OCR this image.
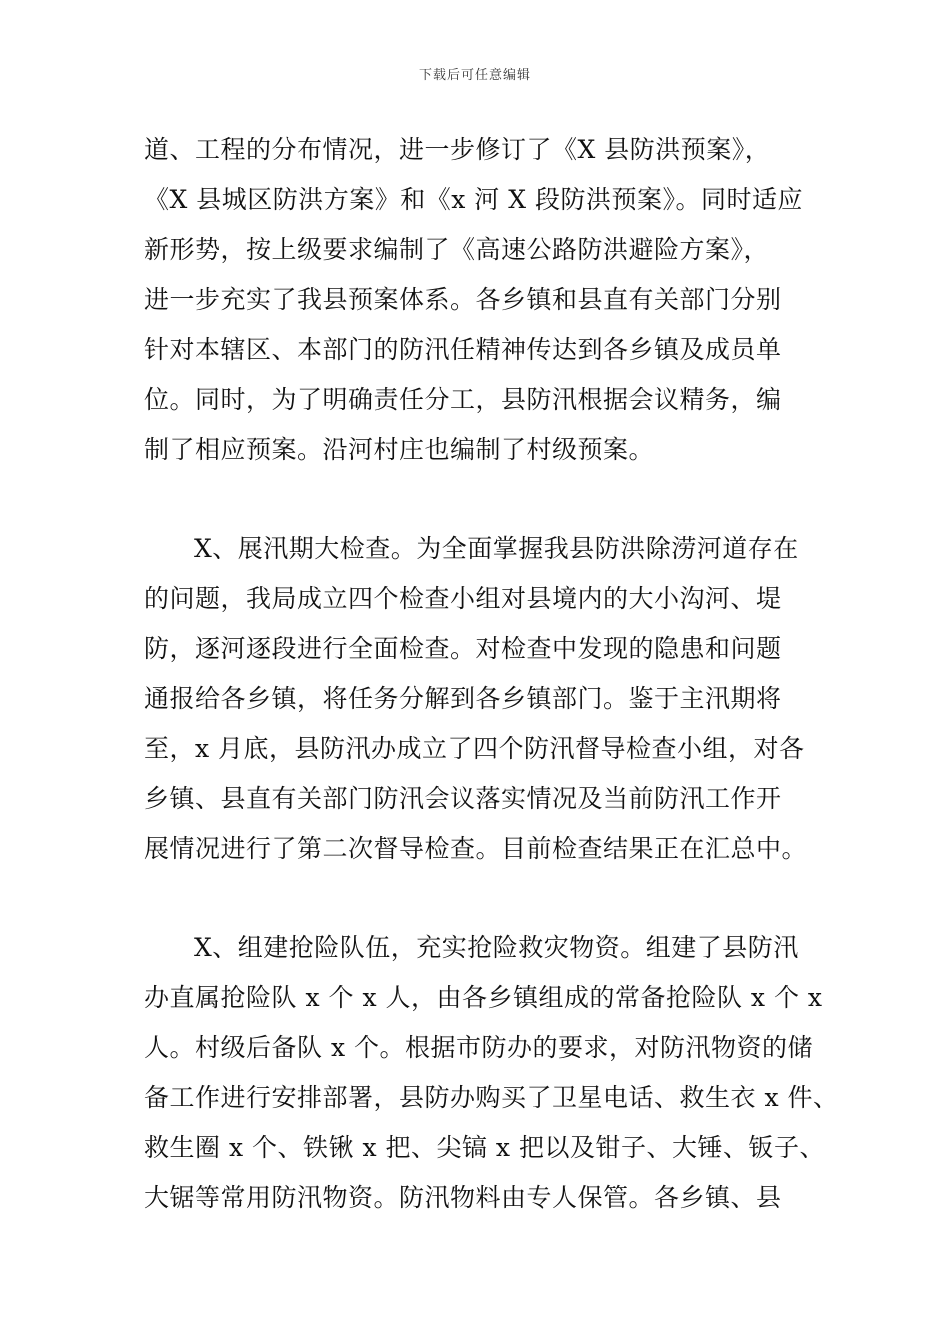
下载后可任意编辑
道、工程的分布情况，进一步修订了《X 县防洪预案》，
《X 县城区防洪方案》和《x 河 X 段防洪预案》。同时适应
新形势，按上级要求编制了《高速公路防洪避险方案》，
进一步充实了我县预案体系。各乡镇和县直有关部门分别
针对本辖区、本部门的防汛任精神传达到各乡镇及成员单
位。同时，为了明确责任分工，县防汛根据会议精务，编
制了相应预案。沿河村庄也编制了村级预案。
X、展汛期大检查。为全面掌握我县防洪除涝河道存在
的问题，我局成立四个检查小组对县境内的大小沟河、堤
防，逐河逐段进行全面检查。对检查中发现的隐患和问题
通报给各乡镇，将任务分解到各乡镇部门。鉴于主汛期将
至，x 月底，县防汛办成立了四个防汛督导检查小组，对各
乡镇、县直有关部门防汛会议落实情况及当前防汛工作开
展情况进行了第二次督导检查。目前检查结果正在汇总中。
X、组建抢险队伍，充实抢险救灾物资。组建了县防汛
办直属抢险队 x 个 x 人，由各乡镇组成的常备抢险队 x 个 x
人。村级后备队 x 个。根据市防办的要求，对防汛物资的储
备工作进行安排部署，县防办购买了卫星电话、救生衣 x 件、
救生圈 x 个、铁锹 x 把、尖镐 x 把以及钳子、大锤、钣子、
大锯等常用防汛物资。防汛物料由专人保管。各乡镇、县
